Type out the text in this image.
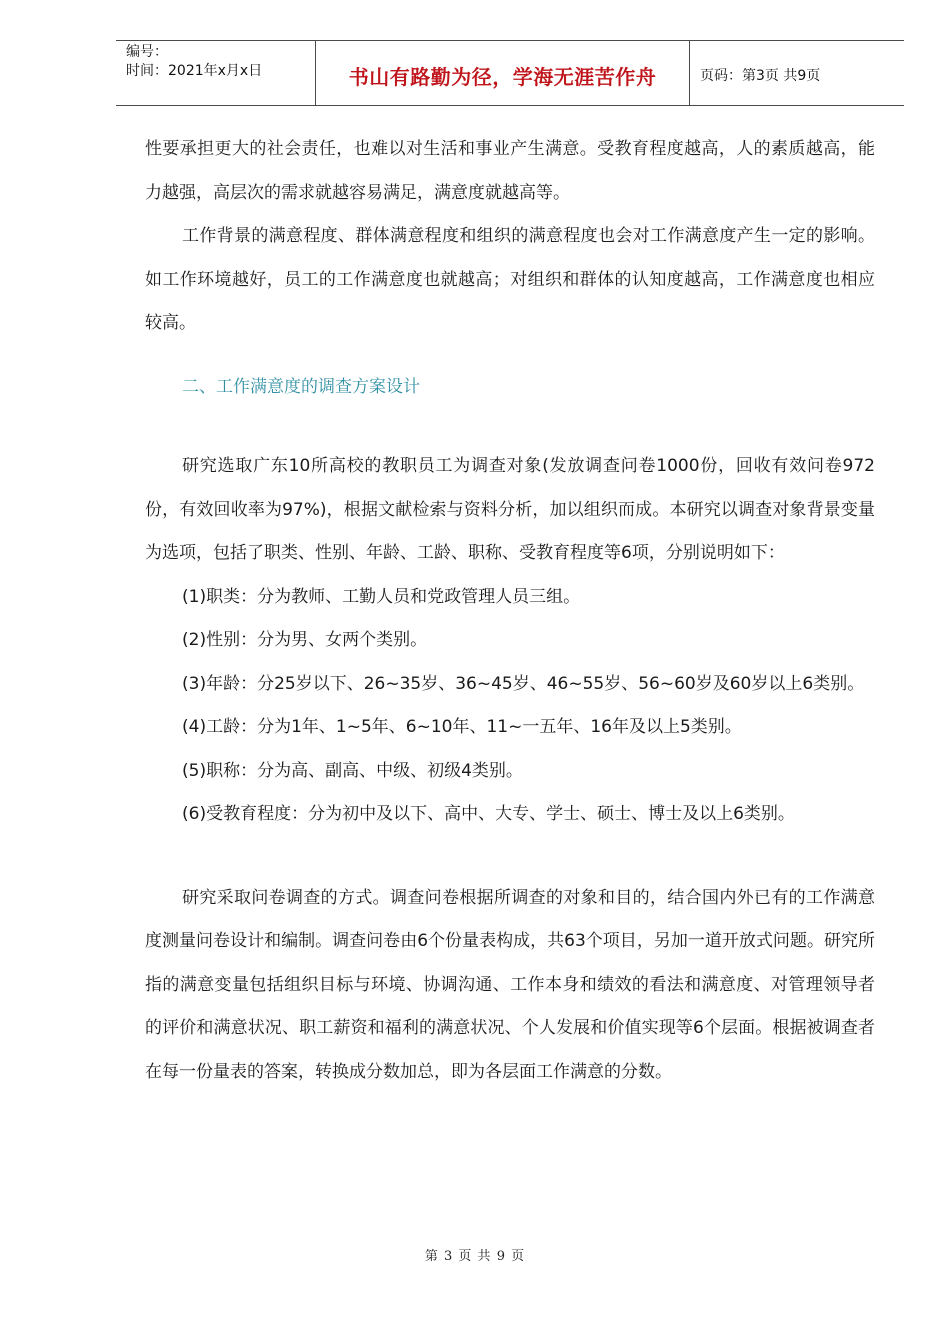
编号：
时间：2021年x月x日	书山有路勤为径，学海无涯苦作舟	页码：第3页 共9页

性要承担更大的社会责任，也难以对生活和事业产生满意。受教育程度越高，人的素质越高，能力越强，高层次的需求就越容易满足，满意度就越高等。

工作背景的满意程度、群体满意程度和组织的满意程度也会对工作满意度产生一定的影响。如工作环境越好，员工的工作满意度也就越高；对组织和群体的认知度越高，工作满意度也相应较高。

二、工作满意度的调查方案设计

研究选取广东10所高校的教职员工为调查对象(发放调查问卷1000份，回收有效问卷972份，有效回收率为97%)，根据文献检索与资料分析，加以组织而成。本研究以调查对象背景变量为选项，包括了职类、性别、年龄、工龄、职称、受教育程度等6项，分别说明如下：

(1)职类：分为教师、工勤人员和党政管理人员三组。

(2)性别：分为男、女两个类别。

(3)年龄：分25岁以下、26~35岁、36~45岁、46~55岁、56~60岁及60岁以上6类别。

(4)工龄：分为1年、1~5年、6~10年、11~一五年、16年及以上5类别。

(5)职称：分为高、副高、中级、初级4类别。

(6)受教育程度：分为初中及以下、高中、大专、学士、硕士、博士及以上6类别。

研究采取问卷调查的方式。调查问卷根据所调查的对象和目的，结合国内外已有的工作满意度测量问卷设计和编制。调查问卷由6个份量表构成，共63个项目，另加一道开放式问题。研究所指的满意变量包括组织目标与环境、协调沟通、工作本身和绩效的看法和满意度、对管理领导者的评价和满意状况、职工薪资和福利的满意状况、个人发展和价值实现等6个层面。根据被调查者在每一份量表的答案，转换成分数加总，即为各层面工作满意的分数。

第 3 页 共 9 页
